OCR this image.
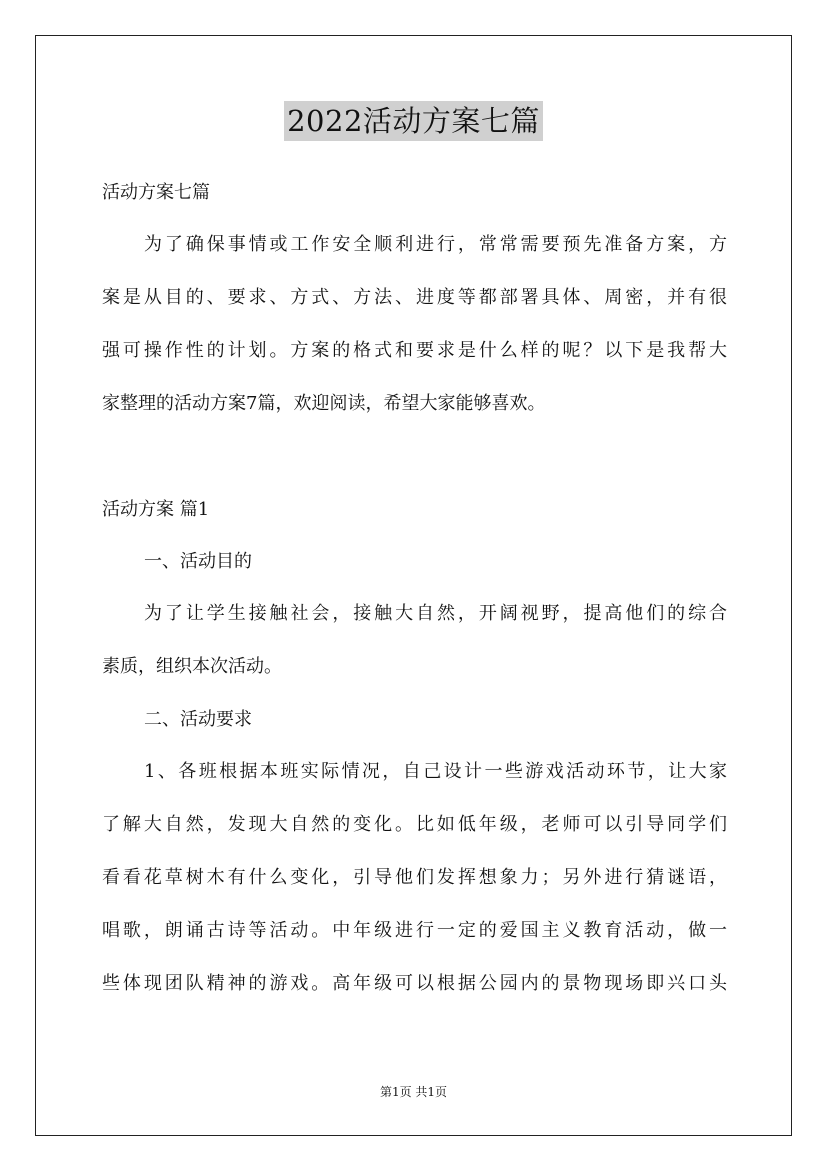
2022活动方案七篇
活动方案七篇
为了确保事情或工作安全顺利进行，常常需要预先准备方案，方
案是从目的、要求、方式、方法、进度等都部署具体、周密，并有很
强可操作性的计划。方案的格式和要求是什么样的呢？以下是我帮大
家整理的活动方案7篇，欢迎阅读，希望大家能够喜欢。
活动方案 篇1
一、活动目的
为了让学生接触社会，接触大自然，开阔视野，提高他们的综合
素质，组织本次活动。
二、活动要求
1、各班根据本班实际情况，自己设计一些游戏活动环节，让大家
了解大自然，发现大自然的变化。比如低年级，老师可以引导同学们
看看花草树木有什么变化，引导他们发挥想象力；另外进行猜谜语，
唱歌，朗诵古诗等活动。中年级进行一定的爱国主义教育活动，做一
些体现团队精神的游戏。高年级可以根据公园内的景物现场即兴口头
第1页 共1页
